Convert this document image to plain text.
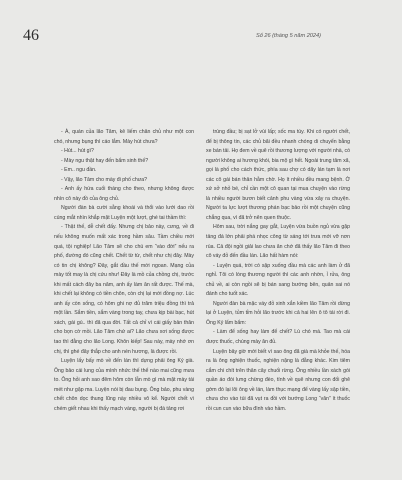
46	Số 26 (tháng 5 năm 2024)

- À, quán của lão Tâm, kẻ liếm chân chủ như một con chó, nhưng bụng thì cáo lắm. Mày hút chưa?

- Hút... hút gì?

- Mày ngu thật hay đến bẩm sinh thế?

- Em.. ngu đần.

- Vậy, lão Tâm cho mày đi phố chưa?

- Anh ấy hứa cuối tháng cho theo, nhưng không được nhìn cô này đồ của ông chủ.

Người đàn bà cười sằng khoái và thổi vào lưới dao rồi cúng mắt nhìn khắp mặt Luyện một lượt, ghé tai thầm thì:

- Thật thế, dễ chết đấy. Nhưng chị bảo này, cưng, về đi nếu không muốn mất xác trong hầm sâu. Tầm chiều mới quá, tội nghiệp! Lão Tâm sẽ cho chú em “vào đời” nếu ra phố, đường đó cũng chết. Chết từ từ, chết như chị đây. Mày có tin chị không? Đây, gắt đầu thế mới ngoan. Mạng của mày tốt may là chị cứu như! Đây là mồ của chồng chị, trước khi mất cách đây ba năm, anh ấy làm ăn rất được. Thế mà, khi chết lại không có tiền chôn, còn chị lại mới đồng nợ. Lúc anh ấy còn sống, có hôm ghi nợ đủ trăm triệu đồng thì trả một lần. Sắm tiền, sắm vàng trong tay, chưa kịp bài bạc, hút xách, gái gú.. thì đã qua đời. Tất cả chỉ vì cái giấy bản thân cho bọn cờ mồi. Lão Tâm chứ ai? Lão chưa xơi sống được tao thì đằng cho lão Long. Khôn kiếp! Sau này, mày nhớ ơn chị, thì ghé đây thắp cho anh nén hương, là được rồi.

Luyện lấy bấy mò về đến lán thì dựng phải ông Ký già. Ông bảo cái lung của mình nhức thế thể nào mai cũng mưa to. Ông hỏi anh sao đêm hôm còn lẫn mò gì mà mặt mày tái mét như gặp ma. Luyện nói bị đau bụng. Ông bảo, phu vàng chết chôn dọc thung lũng này nhiều vô kể. Người chết vì chém giết nhau khi thấy mạch vàng, người bị đá tảng rơi

trúng đầu; bị sạt lở vùi lấp; sốc ma túy. Khi có người chết, để bị thông tin, các chủ bãi đều nhanh chóng di chuyển bằng xe bán tải. Họ đem về quê rồi thương lượng với người nhà, có người không ai hương khói, bia mộ gì hết. Ngoài trung tâm xã, gọi là phố cho cách thức, phía sau chợ có dãy lán tạm là nơi các cô gái bán thân hằm chờ. Họ ít nhiều đều mang bệnh. Ở xứ sở nhỏ bé, chỉ cần một cô quan tại mua chuyện vào rừng là nhiều người bươn biết cảnh phu vàng vừa xây ra chuyện. Người ta lực lượt thương phán bạc bảo rồi một chuyện cũng chẳng qua, vì đã trở nên quen thuộc.

Hôm sau, trời nắng gay gắt, Luyện vừa buồn ngủ vừa gặp tảng đá lớn phải phá nhọc công từ sáng tới trưa mới vỡ nơn rùa. Cả đội ngồi giải lao chưa ăn chớ đã thấy lão Tâm đi theo cô váy đỏ đến đầu lán. Lão hất hàm nói:

- Luyện quá, trời có sập xuống đầu mà các anh làm ử đã nghỉ. Tôi có lòng thương người thì các anh nhờn, ỉ rửa, ông chủ về, ai còn ngồi sẽ bị bán sang bướng bên, quản sai nó đánh cho tuốt xác.

Người đàn bà mặc váy đỏ xinh xắn kiềm lão Tâm rồi dừng lại ở Luyện, tủm tỉm hỏi lão trước khi cả hai lên ô tô tái rời đi. Ông Ký lẩm bẩm:

- Làm để sống hay làm để chết? Lù chó má. Tao mà cái được thuốc, chúng mày ăn đủ.

Luyện bây giờ mới biết vì sao ông đã già mà khỏe thế, hóa ra là ông nghiện thuốc, nghiện nặng là đằng khác. Kim tiêm cắm chi chít trên thân cây chuối rừng. Ông nhiều lần xách gói quần áo đòi lưng chừng đèo, tính về quê nhưng con đối ghê gớm đó lại lôi ông về lán, làm thục mạng để vàng lấy sập tiền, chưa cho vào túi đã vụt ra đồi với bướng Long “văn” ít thuốc rồi cun cun vào bữa đình vào hầm.
